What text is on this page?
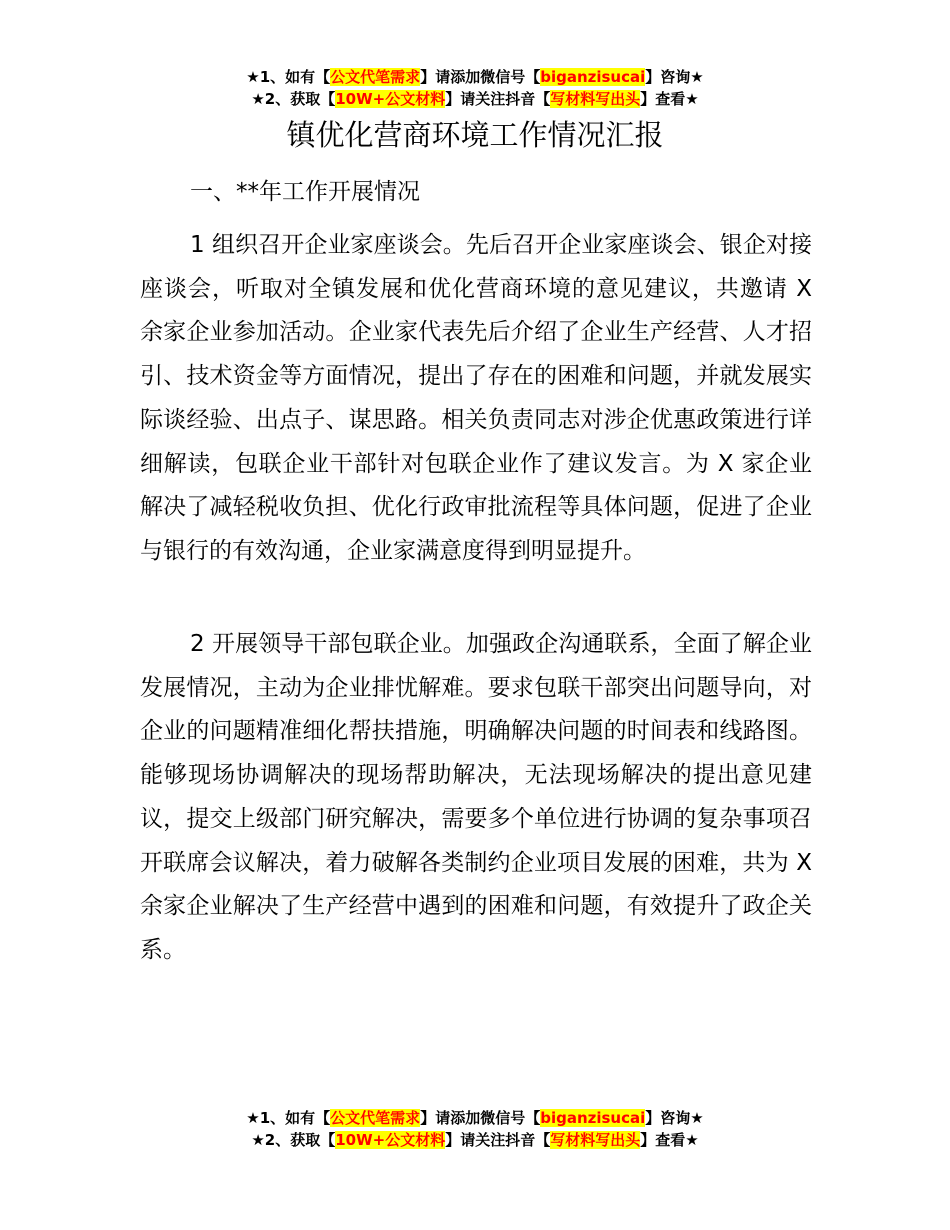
★1、如有【公文代笔需求】请添加微信号【biganzisucai】咨询★
★2、获取【10W+公文材料】请关注抖音【写材料写出头】查看★
镇优化营商环境工作情况汇报
一、**年工作开展情况

1 组织召开企业家座谈会。先后召开企业家座谈会、银企对接座谈会，听取对全镇发展和优化营商环境的意见建议，共邀请 X 余家企业参加活动。企业家代表先后介绍了企业生产经营、人才招引、技术资金等方面情况，提出了存在的困难和问题，并就发展实际谈经验、出点子、谋思路。相关负责同志对涉企优惠政策进行详细解读，包联企业干部针对包联企业作了建议发言。为 X 家企业解决了减轻税收负担、优化行政审批流程等具体问题，促进了企业与银行的有效沟通，企业家满意度得到明显提升。

2 开展领导干部包联企业。加强政企沟通联系，全面了解企业发展情况，主动为企业排忧解难。要求包联干部突出问题导向，对企业的问题精准细化帮扶措施，明确解决问题的时间表和线路图。能够现场协调解决的现场帮助解决，无法现场解决的提出意见建议，提交上级部门研究解决，需要多个单位进行协调的复杂事项召开联席会议解决，着力破解各类制约企业项目发展的困难，共为 X 余家企业解决了生产经营中遇到的困难和问题，有效提升了政企关系。

★1、如有【公文代笔需求】请添加微信号【biganzisucai】咨询★
★2、获取【10W+公文材料】请关注抖音【写材料写出头】查看★
